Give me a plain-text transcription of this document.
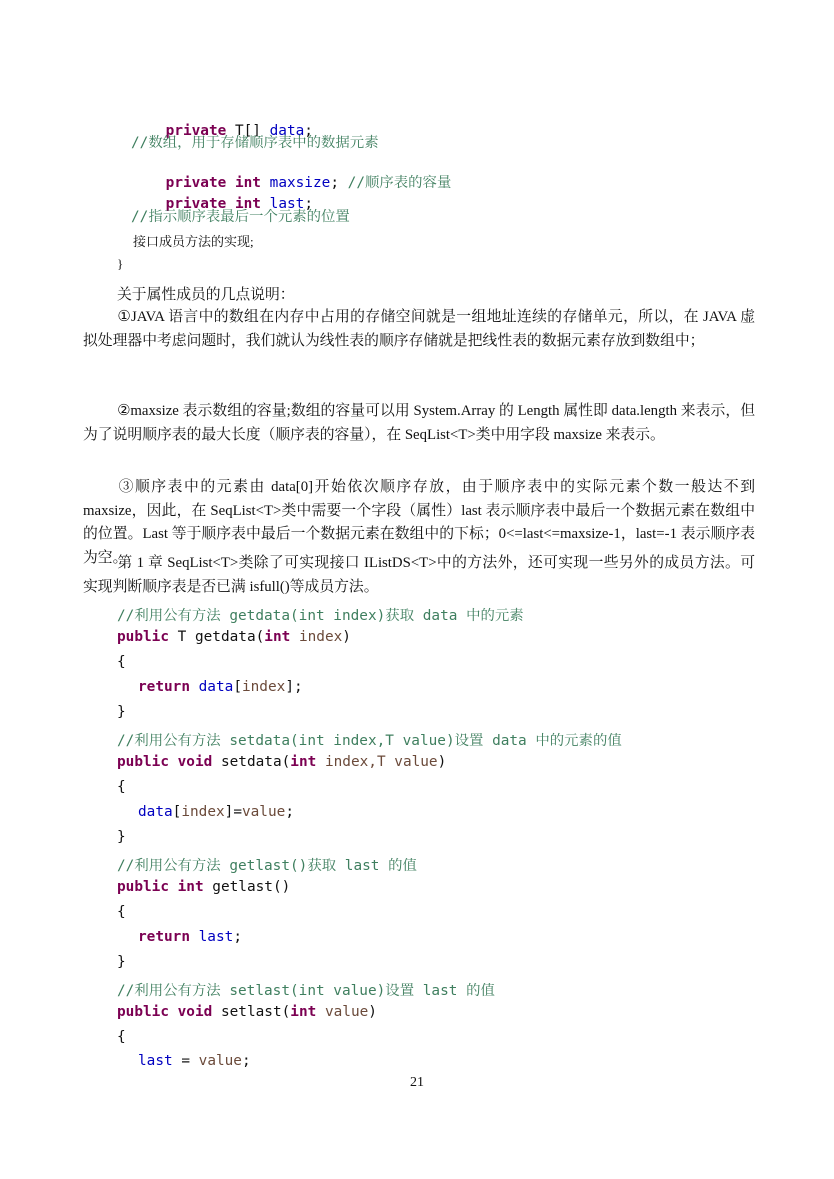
private T[] data;

//数组，用于存储顺序表中的数据元素

private int maxsize; //顺序表的容量

private int last;

//指示顺序表最后一个元素的位置
接口成员方法的实现;
}
关于属性成员的几点说明：
①JAVA 语言中的数组在内存中占用的存储空间就是一组地址连续的存储单元，所以，在 JAVA 虚拟处理器中考虑问题时，我们就认为线性表的顺序存储就是把线性表的数据元素存放到数组中；
②maxsize 表示数组的容量;数组的容量可以用 System.Array 的 Length 属性即 data.length 来表示，但为了说明顺序表的最大长度（顺序表的容量），在 SeqList<T>类中用字段 maxsize 来表示。
③顺序表中的元素由 data[0]开始依次顺序存放，由于顺序表中的实际元素个数一般达不到 maxsize，因此，在 SeqList<T>类中需要一个字段（属性）last 表示顺序表中最后一个数据元素在数组中的位置。Last 等于顺序表中最后一个数据元素在数组中的下标；0<=last<=maxsize-1，last=-1 表示顺序表为空。
第 1 章 SeqList<T>类除了可实现接口 IListDS<T>中的方法外，还可实现一些另外的成员方法。可实现判断顺序表是否已满 isfull()等成员方法。
//利用公有方法 getdata(int index)获取 data 中的元素
public T getdata(int index)
{
return data[index];
}
//利用公有方法 setdata(int index,T value)设置 data 中的元素的值
public void setdata(int index,T value)
{
data[index]=value;
}
//利用公有方法 getlast()获取 last 的值
public int getlast()
{
return last;
}
//利用公有方法 setlast(int value)设置 last 的值
public void setlast(int value)
{
last = value;
21
